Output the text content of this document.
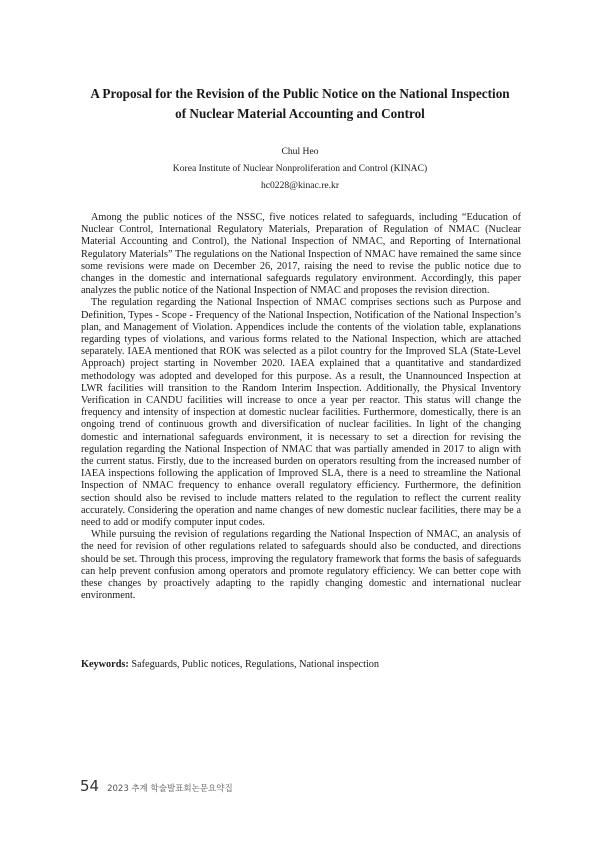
A Proposal for the Revision of the Public Notice on the National Inspection
of Nuclear Material Accounting and Control

Chul Heo

Korea Institute of Nuclear Nonproliferation and Control (KINAC)

hc0228@kinac.re.kr

Among the public notices of the NSSC, five notices related to safeguards, including “Education of Nuclear Control, International Regulatory Materials, Preparation of Regulation of NMAC (Nuclear Material Accounting and Control), the National Inspection of NMAC, and Reporting of International Regulatory Materials” The regulations on the National Inspection of NMAC have remained the same since some revisions were made on December 26, 2017, raising the need to revise the public notice due to changes in the domestic and international safeguards regulatory environment. Accordingly, this paper analyzes the public notice of the National Inspection of NMAC and proposes the revision direction.

The regulation regarding the National Inspection of NMAC comprises sections such as Purpose and Definition, Types - Scope - Frequency of the National Inspection, Notification of the National Inspection’s plan, and Management of Violation. Appendices include the contents of the violation table, explanations regarding types of violations, and various forms related to the National Inspection, which are attached separately. IAEA mentioned that ROK was selected as a pilot country for the Improved SLA (State-Level Approach) project starting in November 2020. IAEA explained that a quantitative and standardized methodology was adopted and developed for this purpose. As a result, the Unannounced Inspection at LWR facilities will transition to the Random Interim Inspection. Additionally, the Physical Inventory Verification in CANDU facilities will increase to once a year per reactor. This status will change the frequency and intensity of inspection at domestic nuclear facilities. Furthermore, domestically, there is an ongoing trend of continuous growth and diversification of nuclear facilities. In light of the changing domestic and international safeguards environment, it is necessary to set a direction for revising the regulation regarding the National Inspection of NMAC that was partially amended in 2017 to align with the current status. Firstly, due to the increased burden on operators resulting from the increased number of IAEA inspections following the application of Improved SLA, there is a need to streamline the National Inspection of NMAC frequency to enhance overall regulatory efficiency. Furthermore, the definition section should also be revised to include matters related to the regulation to reflect the current reality accurately. Considering the operation and name changes of new domestic nuclear facilities, there may be a need to add or modify computer input codes.

While pursuing the revision of regulations regarding the National Inspection of NMAC, an analysis of the need for revision of other regulations related to safeguards should also be conducted, and directions should be set. Through this process, improving the regulatory framework that forms the basis of safeguards can help prevent confusion among operators and promote regulatory efficiency. We can better cope with these changes by proactively adapting to the rapidly changing domestic and international nuclear environment.

Keywords: Safeguards, Public notices, Regulations, National inspection

54 2023 추계 학술발표회논문요약집
